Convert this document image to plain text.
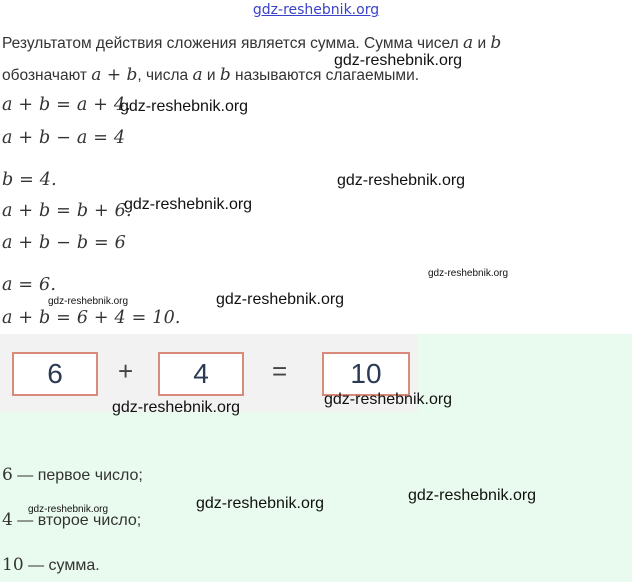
gdz-reshebnik.org
Результатом действия сложения является сумма. Сумма чисел a и b
обозначают a + b, числа a и b называются слагаемыми.
a + b = a + 4.
a + b − a = 4
b = 4.
a + b = b + 6.
a + b − b = 6
a = 6.
a + b = 6 + 4 = 10.
6	+	4	=	10
6 — первое число;
4 — второе число;
10 — сумма.
gdz-reshebnik.org
gdz-reshebnik.org
gdz-reshebnik.org
gdz-reshebnik.org
gdz-reshebnik.org
gdz-reshebnik.org
gdz-reshebnik.org
gdz-reshebnik.org	gdz-reshebnik.org
gdz-reshebnik.org
gdz-reshebnik.org
gdz-reshebnik.org
